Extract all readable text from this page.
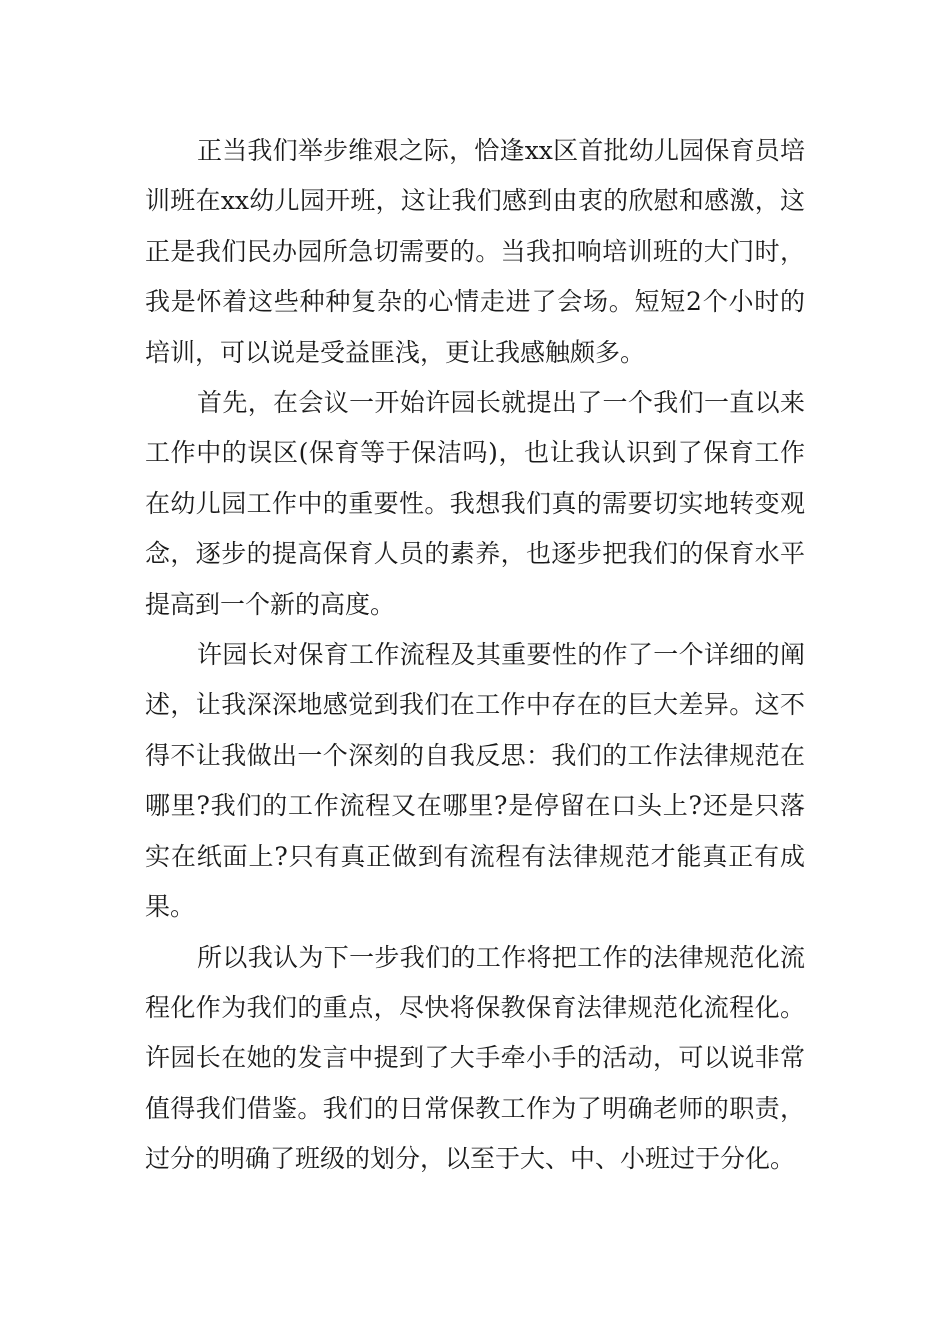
正当我们举步维艰之际，恰逢xx区首批幼儿园保育员培训班在xx幼儿园开班，这让我们感到由衷的欣慰和感激，这正是我们民办园所急切需要的。当我扣响培训班的大门时，我是怀着这些种种复杂的心情走进了会场。短短2个小时的培训，可以说是受益匪浅，更让我感触颇多。

首先，在会议一开始许园长就提出了一个我们一直以来工作中的误区(保育等于保洁吗)，也让我认识到了保育工作在幼儿园工作中的重要性。我想我们真的需要切实地转变观念，逐步的提高保育人员的素养，也逐步把我们的保育水平提高到一个新的高度。

许园长对保育工作流程及其重要性的作了一个详细的阐述，让我深深地感觉到我们在工作中存在的巨大差异。这不得不让我做出一个深刻的自我反思：我们的工作法律规范在哪里?我们的工作流程又在哪里?是停留在口头上?还是只落实在纸面上?只有真正做到有流程有法律规范才能真正有成果。

所以我认为下一步我们的工作将把工作的法律规范化流程化作为我们的重点，尽快将保教保育法律规范化流程化。许园长在她的发言中提到了大手牵小手的活动，可以说非常值得我们借鉴。我们的日常保教工作为了明确老师的职责，过分的明确了班级的划分，以至于大、中、小班过于分化。
